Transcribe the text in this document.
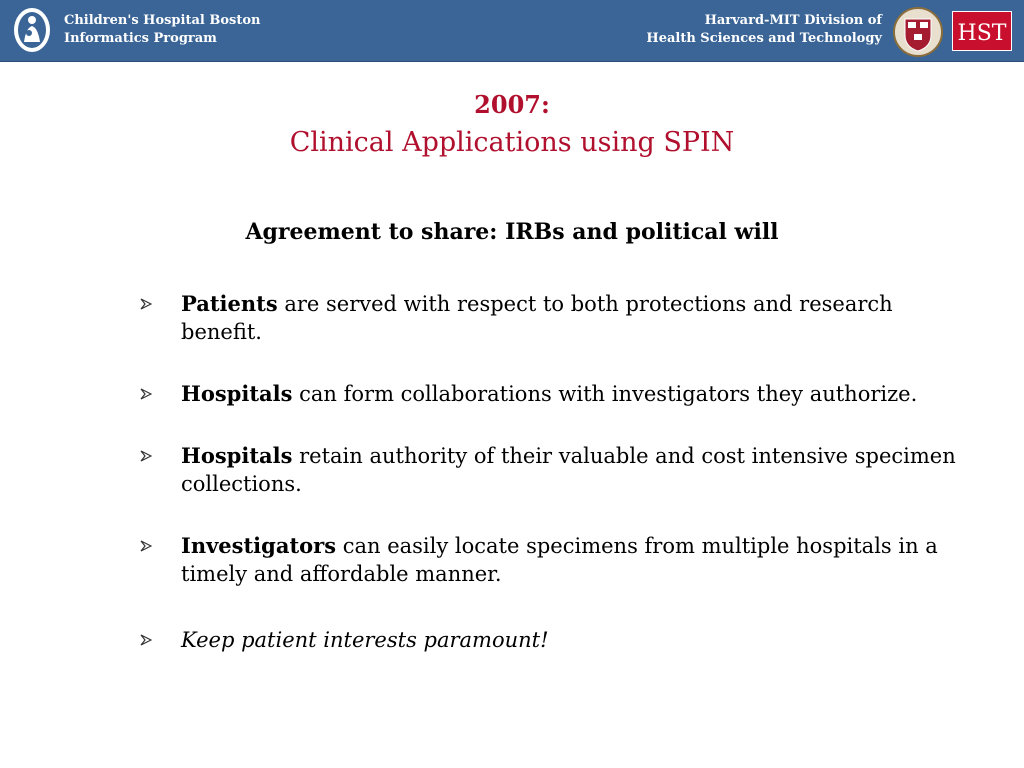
Children's Hospital Boston
Informatics Program
Harvard-MIT Division of
Health Sciences and Technology	HST
2007:
Clinical Applications using SPIN
Agreement to share: IRBs and political will
Patients are served with respect to both protections and research benefit.
Hospitals can form collaborations with investigators they authorize.
Hospitals retain authority of their valuable and cost intensive specimen collections.
Investigators can easily locate specimens from multiple hospitals in a timely and affordable manner.
Keep patient interests paramount!
